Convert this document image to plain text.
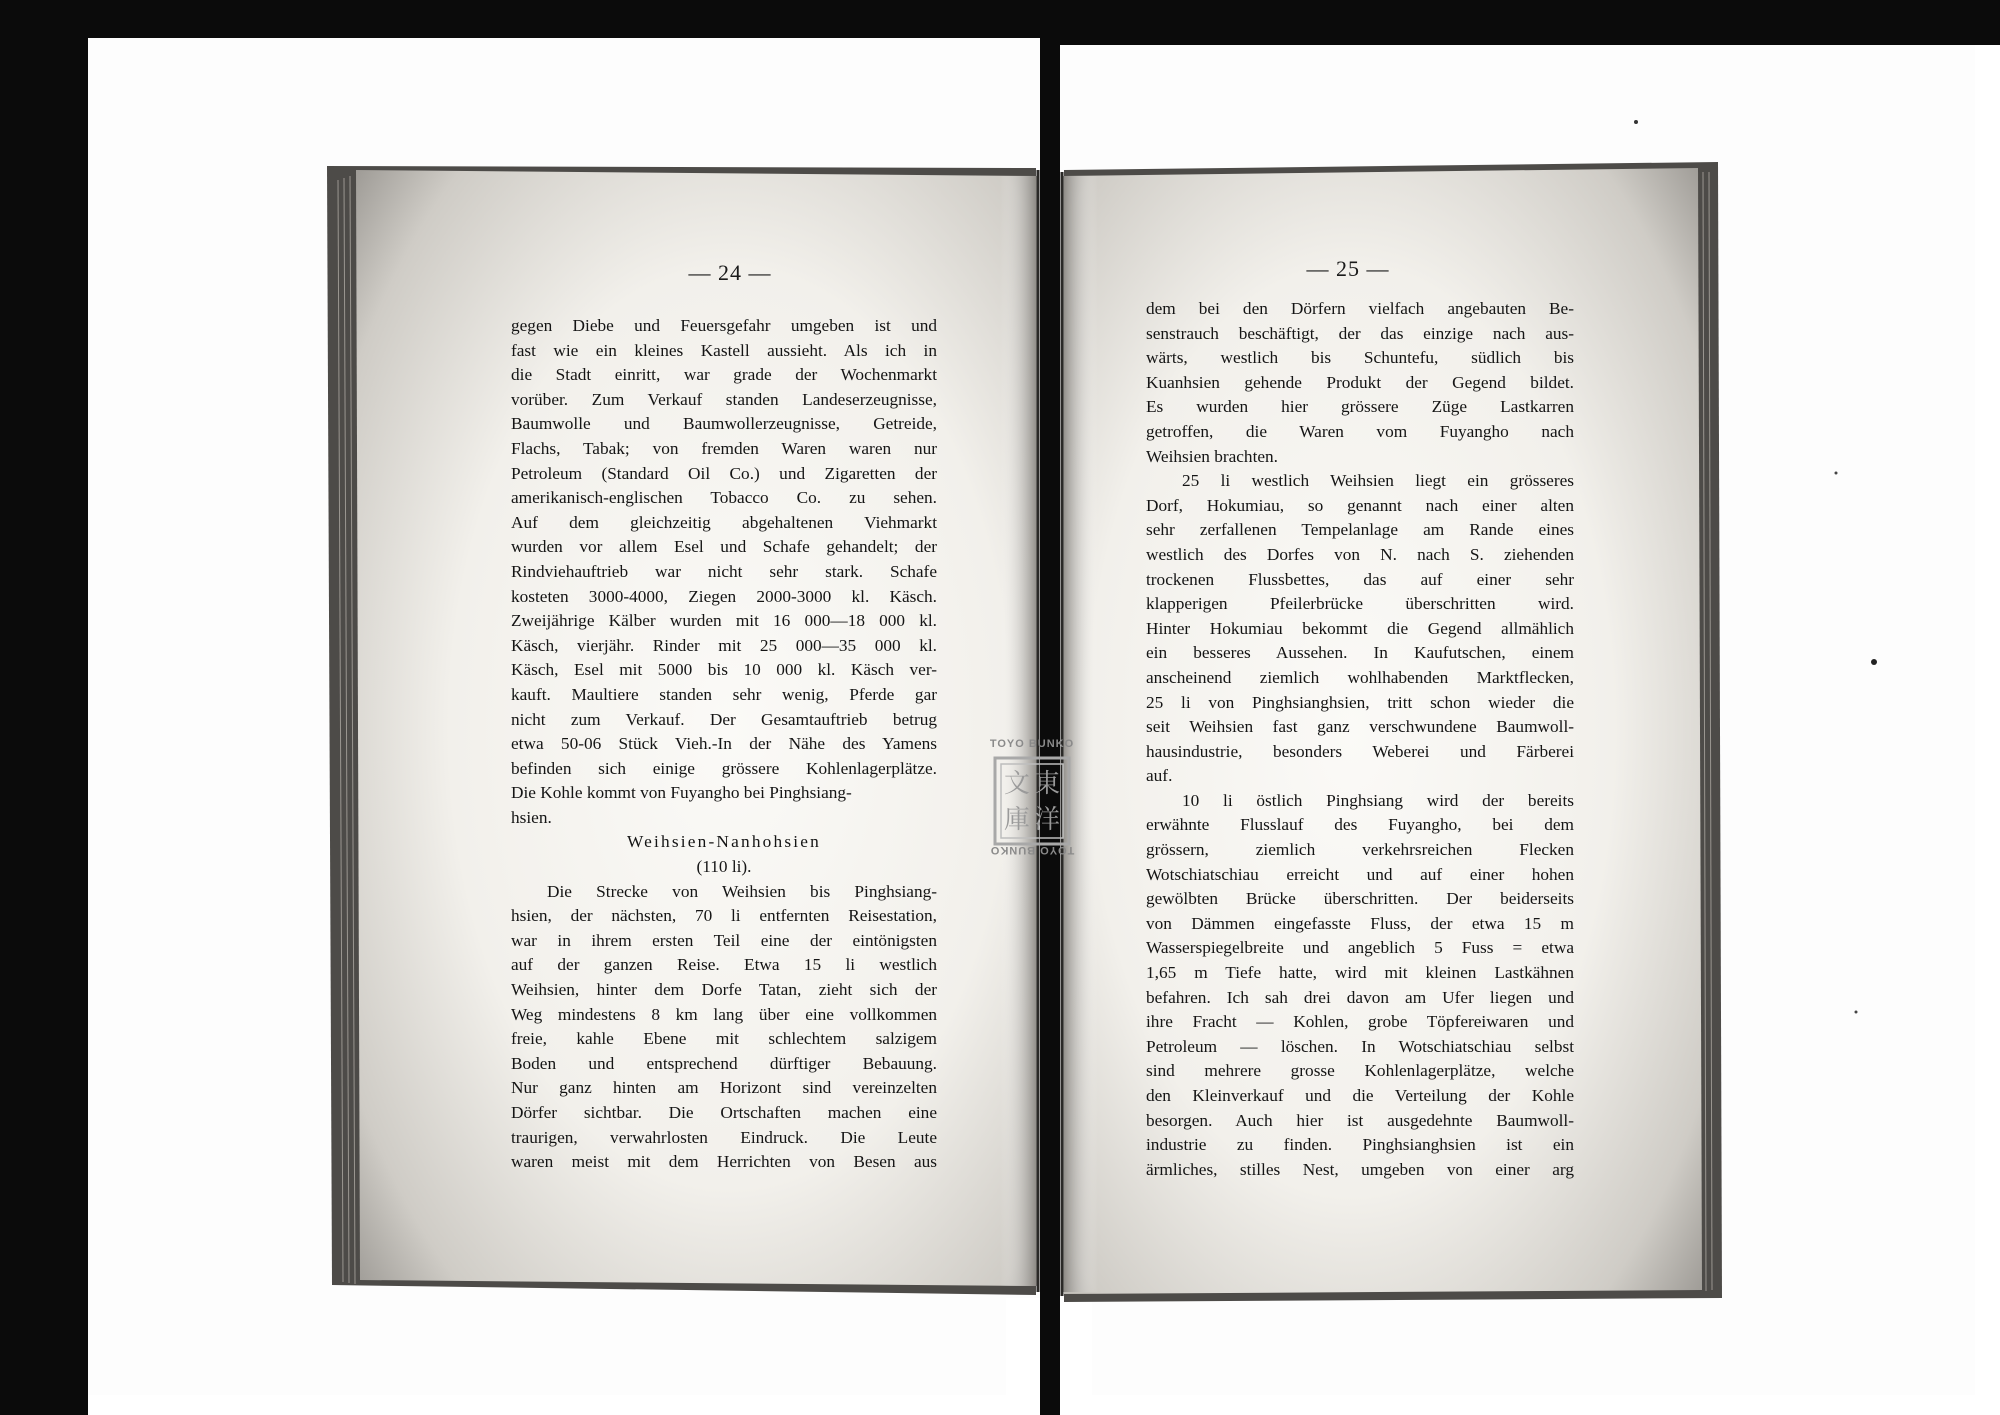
— 24 —
gegen Diebe und Feuersgefahr umgeben ist und
fast wie ein kleines Kastell aussieht. Als ich in
die Stadt einritt, war grade der Wochenmarkt
vorüber. Zum Verkauf standen Landeserzeugnisse,
Baumwolle und Baumwollerzeugnisse, Getreide,
Flachs, Tabak; von fremden Waren waren nur
Petroleum (Standard Oil Co.) und Zigaretten der
amerikanisch-englischen Tobacco Co. zu sehen.
Auf dem gleichzeitig abgehaltenen Viehmarkt
wurden vor allem Esel und Schafe gehandelt; der
Rindviehauftrieb war nicht sehr stark. Schafe
kosteten 3000-4000, Ziegen 2000-3000 kl. Käsch.
Zweijährige Kälber wurden mit 16 000—18 000 kl.
Käsch, vierjähr. Rinder mit 25 000—35 000 kl.
Käsch, Esel mit 5000 bis 10 000 kl. Käsch ver-
kauft. Maultiere standen sehr wenig, Pferde gar
nicht zum Verkauf. Der Gesamtauftrieb betrug
etwa 50-06 Stück Vieh.-In der Nähe des Yamens
befinden sich einige grössere Kohlenlagerplätze.
Die Kohle kommt von Fuyangho bei Pinghsiang-
hsien.
Weihsien-Nanhohsien
(110 li).
Die Strecke von Weihsien bis Pinghsiang-
hsien, der nächsten, 70 li entfernten Reisestation,
war in ihrem ersten Teil eine der eintönigsten
auf der ganzen Reise. Etwa 15 li westlich
Weihsien, hinter dem Dorfe Tatan, zieht sich der
Weg mindestens 8 km lang über eine vollkommen
freie, kahle Ebene mit schlechtem salzigem
Boden und entsprechend dürftiger Bebauung.
Nur ganz hinten am Horizont sind vereinzelten
Dörfer sichtbar. Die Ortschaften machen eine
traurigen, verwahrlosten Eindruck. Die Leute
waren meist mit dem Herrichten von Besen aus
— 25 —
dem bei den Dörfern vielfach angebauten Be-
senstrauch beschäftigt, der das einzige nach aus-
wärts, westlich bis Schuntefu, südlich bis
Kuanhsien gehende Produkt der Gegend bildet.
Es wurden hier grössere Züge Lastkarren
getroffen, die Waren vom Fuyangho nach
Weihsien brachten.
25 li westlich Weihsien liegt ein grösseres
Dorf, Hokumiau, so genannt nach einer alten
sehr zerfallenen Tempelanlage am Rande eines
westlich des Dorfes von N. nach S. ziehenden
trockenen Flussbettes, das auf einer sehr
klapperigen Pfeilerbrücke überschritten wird.
Hinter Hokumiau bekommt die Gegend allmählich
ein besseres Aussehen. In Kaufutschen, einem
anscheinend ziemlich wohlhabenden Marktflecken,
25 li von Pinghsianghsien, tritt schon wieder die
seit Weihsien fast ganz verschwundene Baumwoll-
hausindustrie, besonders Weberei und Färberei
auf.
10 li östlich Pinghsiang wird der bereits
erwähnte Flusslauf des Fuyangho, bei dem
grössern, ziemlich verkehrsreichen Flecken
Wotschiatschiau erreicht und auf einer hohen
gewölbten Brücke überschritten. Der beiderseits
von Dämmen eingefasste Fluss, der etwa 15 m
Wasserspiegelbreite und angeblich 5 Fuss = etwa
1,65 m Tiefe hatte, wird mit kleinen Lastkähnen
befahren. Ich sah drei davon am Ufer liegen und
ihre Fracht — Kohlen, grobe Töpfereiwaren und
Petroleum — löschen. In Wotschiatschiau selbst
sind mehrere grosse Kohlenlagerplätze, welche
den Kleinverkauf und die Verteilung der Kohle
besorgen. Auch hier ist ausgedehnte Baumwoll-
industrie zu finden. Pinghsianghsien ist ein
ärmliches, stilles Nest, umgeben von einer arg
TOYO BUNKO
東
洋
文
庫
TOYO BUNKO
